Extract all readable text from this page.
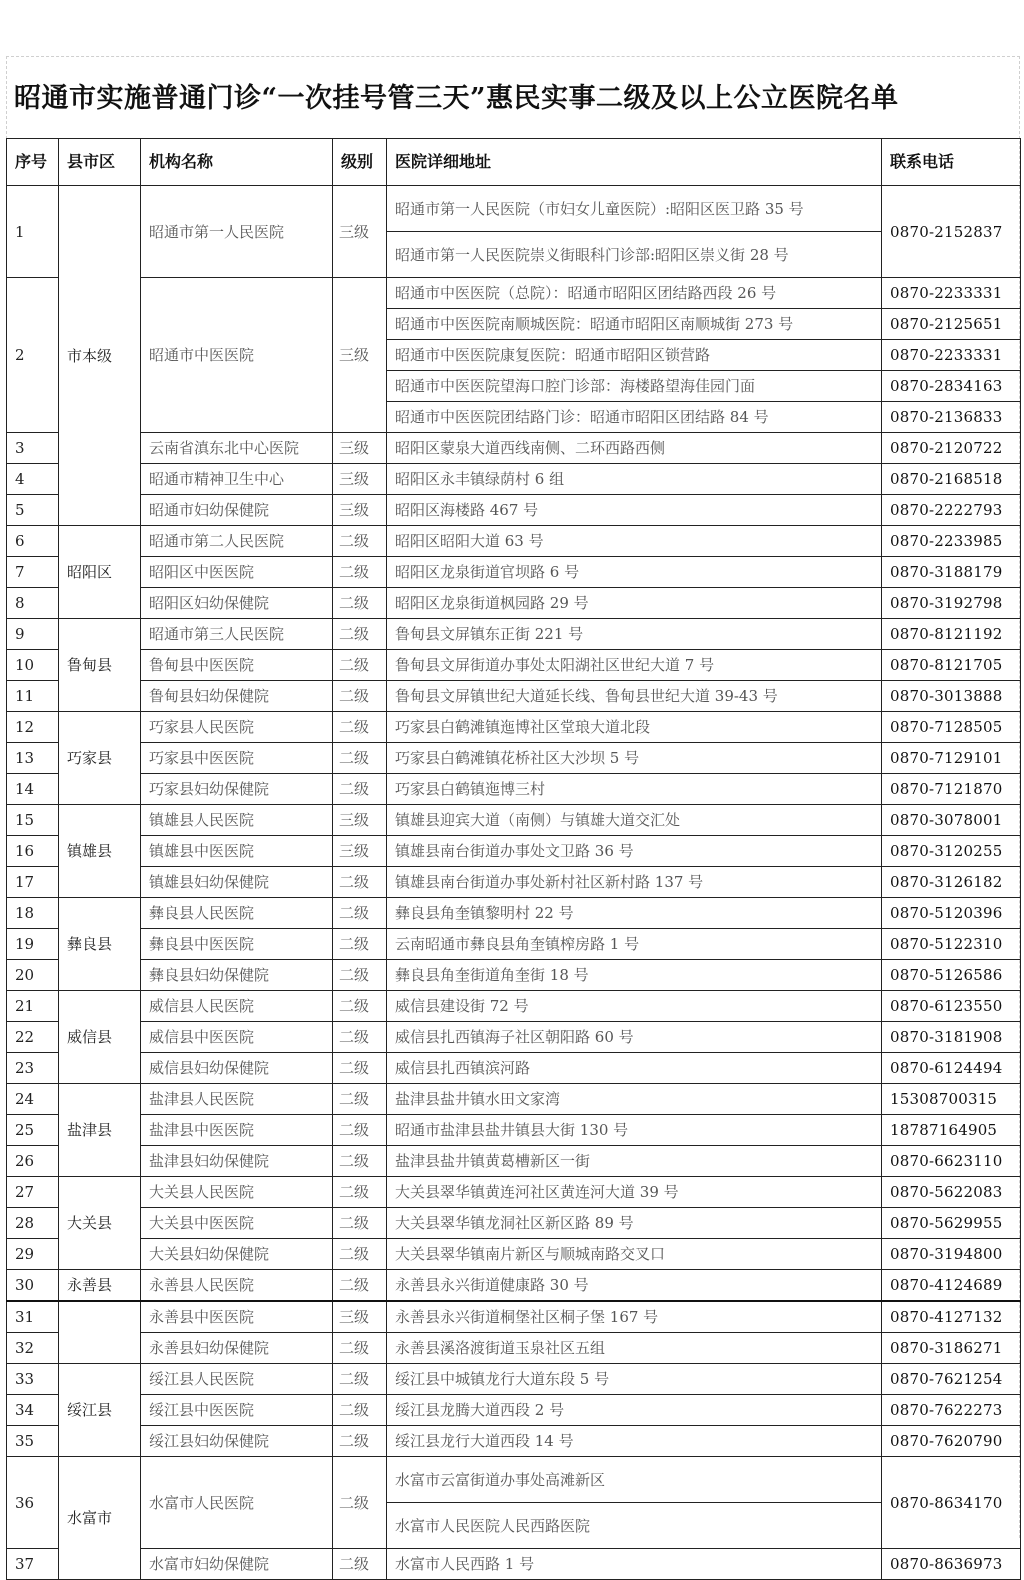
昭通市实施普通门诊“一次挂号管三天”惠民实事二级及以上公立医院名单
序号	县市区	机构名称	级别	医院详细地址	联系电话
1	市本级	昭通市第一人民医院	三级	昭通市第一人民医院（市妇女儿童医院）:昭阳区医卫路 35 号	0870-2152837
				昭通市第一人民医院崇义街眼科门诊部:昭阳区崇义街 28 号	
2		昭通市中医医院	三级	昭通市中医医院（总院）：昭通市昭阳区团结路西段 26 号	0870-2233331
				昭通市中医医院南顺城医院：昭通市昭阳区南顺城街 273 号	0870-2125651
				昭通市中医医院康复医院：昭通市昭阳区锁营路	0870-2233331
				昭通市中医医院望海口腔门诊部：海楼路望海佳园门面	0870-2834163
				昭通市中医医院团结路门诊：昭通市昭阳区团结路 84 号	0870-2136833
3		云南省滇东北中心医院	三级	昭阳区蒙泉大道西线南侧、二环西路西侧	0870-2120722
4		昭通市精神卫生中心	三级	昭阳区永丰镇绿荫村 6 组	0870-2168518
5		昭通市妇幼保健院	三级	昭阳区海楼路 467 号	0870-2222793
6	昭阳区	昭通市第二人民医院	二级	昭阳区昭阳大道 63 号	0870-2233985
7		昭阳区中医医院	二级	昭阳区龙泉街道官坝路 6 号	0870-3188179
8		昭阳区妇幼保健院	二级	昭阳区龙泉街道枫园路 29 号	0870-3192798
9	鲁甸县	昭通市第三人民医院	二级	鲁甸县文屏镇东正街 221 号	0870-8121192
10		鲁甸县中医医院	二级	鲁甸县文屏街道办事处太阳湖社区世纪大道 7 号	0870-8121705
11		鲁甸县妇幼保健院	二级	鲁甸县文屏镇世纪大道延长线、鲁甸县世纪大道 39-43 号	0870-3013888
12	巧家县	巧家县人民医院	二级	巧家县白鹤滩镇迤博社区堂琅大道北段	0870-7128505
13		巧家县中医医院	二级	巧家县白鹤滩镇花桥社区大沙坝 5 号	0870-7129101
14		巧家县妇幼保健院	二级	巧家县白鹤镇迤博三村	0870-7121870
15	镇雄县	镇雄县人民医院	三级	镇雄县迎宾大道（南侧）与镇雄大道交汇处	0870-3078001
16		镇雄县中医医院	三级	镇雄县南台街道办事处文卫路 36 号	0870-3120255
17		镇雄县妇幼保健院	二级	镇雄县南台街道办事处新村社区新村路 137 号	0870-3126182
18	彝良县	彝良县人民医院	二级	彝良县角奎镇黎明村 22 号	0870-5120396
19		彝良县中医医院	二级	云南昭通市彝良县角奎镇榨房路 1 号	0870-5122310
20		彝良县妇幼保健院	二级	彝良县角奎街道角奎街 18 号	0870-5126586
21	威信县	威信县人民医院	二级	威信县建设街 72 号	0870-6123550
22		威信县中医医院	二级	威信县扎西镇海子社区朝阳路 60 号	0870-3181908
23		威信县妇幼保健院	二级	威信县扎西镇滨河路	0870-6124494
24	盐津县	盐津县人民医院	二级	盐津县盐井镇水田文家湾	15308700315
25		盐津县中医医院	二级	昭通市盐津县盐井镇县大街 130 号	18787164905
26		盐津县妇幼保健院	二级	盐津县盐井镇黄葛槽新区一街	0870-6623110
27	大关县	大关县人民医院	二级	大关县翠华镇黄连河社区黄连河大道 39 号	0870-5622083
28		大关县中医医院	二级	大关县翠华镇龙洞社区新区路 89 号	0870-5629955
29		大关县妇幼保健院	二级	大关县翠华镇南片新区与顺城南路交叉口	0870-3194800
30	永善县	永善县人民医院	二级	永善县永兴街道健康路 30 号	0870-4124689
31		永善县中医医院	三级	永善县永兴街道桐堡社区桐子堡 167 号	0870-4127132
32		永善县妇幼保健院	二级	永善县溪洛渡街道玉泉社区五组	0870-3186271
33	绥江县	绥江县人民医院	二级	绥江县中城镇龙行大道东段 5 号	0870-7621254
34		绥江县中医医院	二级	绥江县龙腾大道西段 2 号	0870-7622273
35		绥江县妇幼保健院	二级	绥江县龙行大道西段 14 号	0870-7620790
36	水富市	水富市人民医院	二级	水富市云富街道办事处高滩新区	0870-8634170
				水富市人民医院人民西路医院	
37		水富市妇幼保健院	二级	水富市人民西路 1 号	0870-8636973
